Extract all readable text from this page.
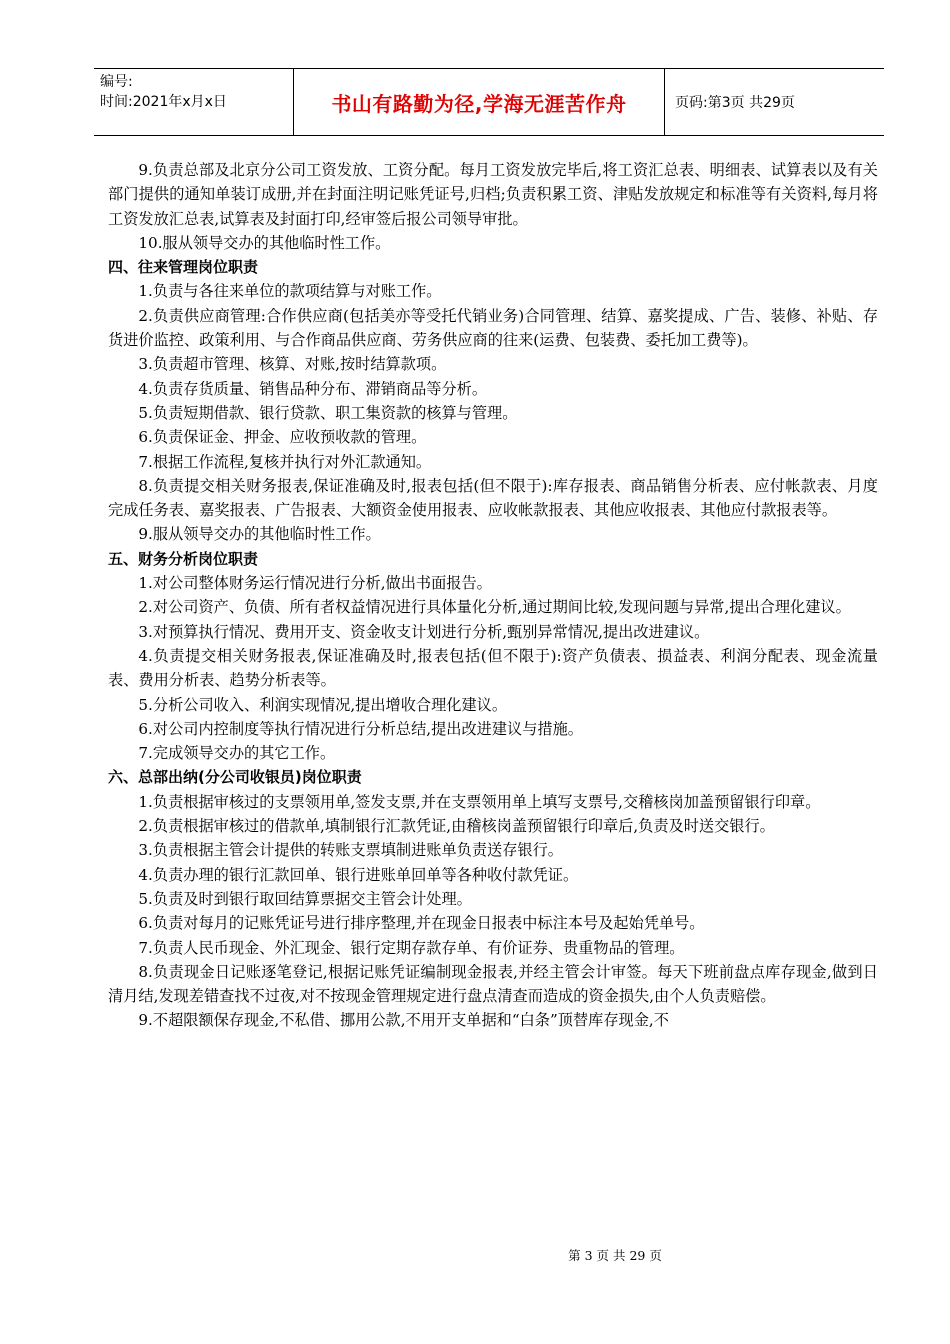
编号:
时间:2021年x月x日	书山有路勤为径,学海无涯苦作舟	页码:第3页 共29页

9.负责总部及北京分公司工资发放、工资分配。每月工资发放完毕后,将工资汇总表、明细表、试算表以及有关部门提供的通知单装订成册,并在封面注明记账凭证号,归档;负责积累工资、津贴发放规定和标准等有关资料,每月将工资发放汇总表,试算表及封面打印,经审签后报公司领导审批。

10.服从领导交办的其他临时性工作。

四、往来管理岗位职责

1.负责与各往来单位的款项结算与对账工作。

2.负责供应商管理:合作供应商(包括美亦等受托代销业务)合同管理、结算、嘉奖提成、广告、装修、补贴、存货进价监控、政策利用、与合作商品供应商、劳务供应商的往来(运费、包装费、委托加工费等)。

3.负责超市管理、核算、对账,按时结算款项。

4.负责存货质量、销售品种分布、滞销商品等分析。

5.负责短期借款、银行贷款、职工集资款的核算与管理。

6.负责保证金、押金、应收预收款的管理。

7.根据工作流程,复核并执行对外汇款通知。

8.负责提交相关财务报表,保证准确及时,报表包括(但不限于):库存报表、商品销售分析表、应付帐款表、月度完成任务表、嘉奖报表、广告报表、大额资金使用报表、应收帐款报表、其他应收报表、其他应付款报表等。

9.服从领导交办的其他临时性工作。

五、财务分析岗位职责

1.对公司整体财务运行情况进行分析,做出书面报告。

2.对公司资产、负债、所有者权益情况进行具体量化分析,通过期间比较,发现问题与异常,提出合理化建议。

3.对预算执行情况、费用开支、资金收支计划进行分析,甄别异常情况,提出改进建议。

4.负责提交相关财务报表,保证准确及时,报表包括(但不限于):资产负债表、损益表、利润分配表、现金流量表、费用分析表、趋势分析表等。

5.分析公司收入、利润实现情况,提出增收合理化建议。

6.对公司内控制度等执行情况进行分析总结,提出改进建议与措施。

7.完成领导交办的其它工作。

六、总部出纳(分公司收银员)岗位职责

1.负责根据审核过的支票领用单,签发支票,并在支票领用单上填写支票号,交稽核岗加盖预留银行印章。

2.负责根据审核过的借款单,填制银行汇款凭证,由稽核岗盖预留银行印章后,负责及时送交银行。

3.负责根据主管会计提供的转账支票填制进账单负责送存银行。

4.负责办理的银行汇款回单、银行进账单回单等各种收付款凭证。

5.负责及时到银行取回结算票据交主管会计处理。

6.负责对每月的记账凭证号进行排序整理,并在现金日报表中标注本号及起始凭单号。

7.负责人民币现金、外汇现金、银行定期存款存单、有价证券、贵重物品的管理。

8.负责现金日记账逐笔登记,根据记账凭证编制现金报表,并经主管会计审签。每天下班前盘点库存现金,做到日清月结,发现差错查找不过夜,对不按现金管理规定进行盘点清查而造成的资金损失,由个人负责赔偿。

9.不超限额保存现金,不私借、挪用公款,不用开支单据和“白条”顶替库存现金,不

第 3 页 共 29 页
